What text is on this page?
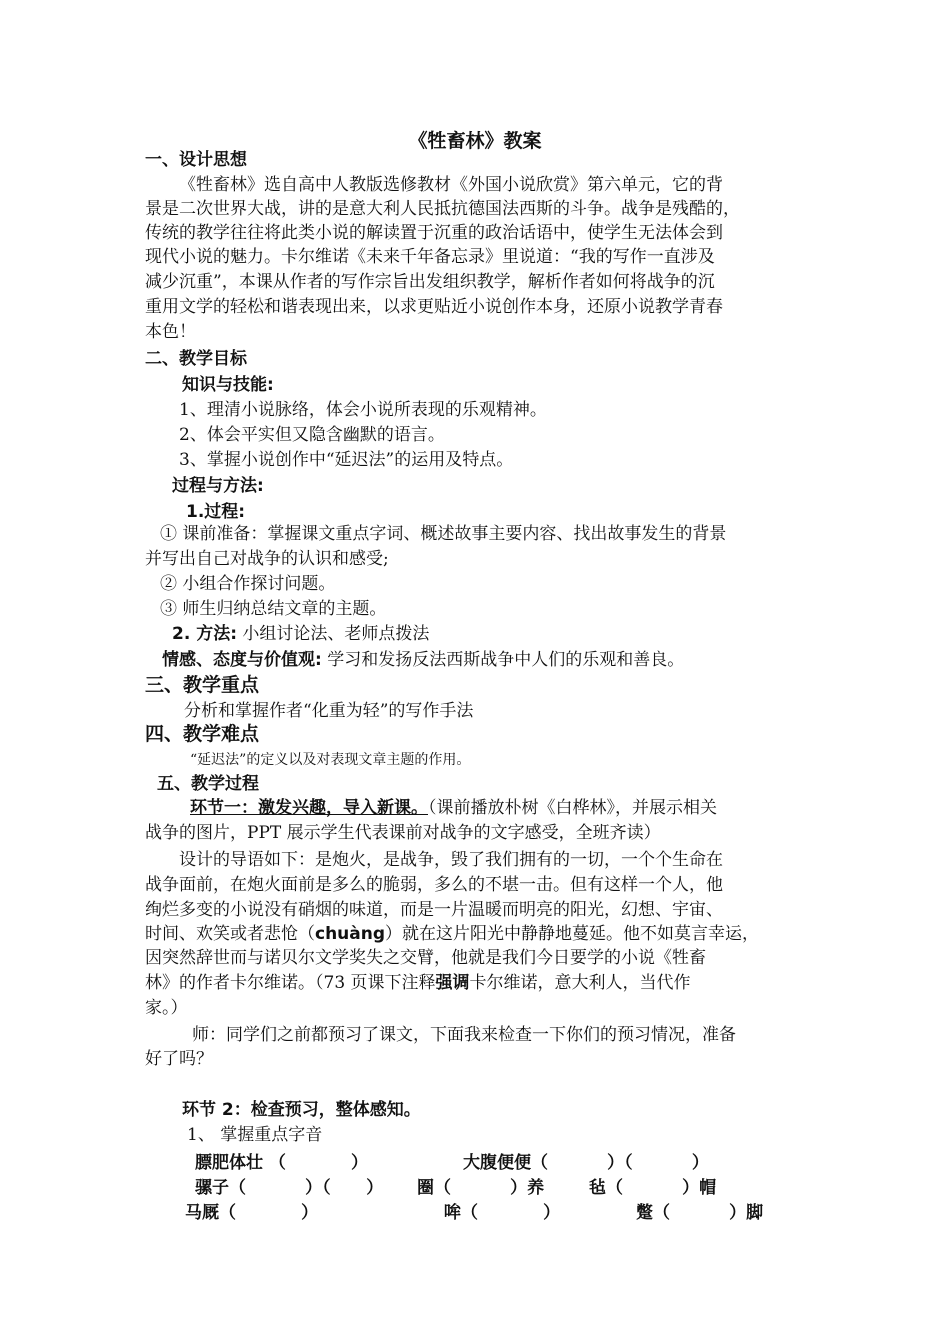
《牲畜林》教案
一、设计思想
《牲畜林》选自高中人教版选修教材《外国小说欣赏》第六单元，它的背
景是二次世界大战，讲的是意大利人民抵抗德国法西斯的斗争。战争是残酷的，
传统的教学往往将此类小说的解读置于沉重的政治话语中，使学生无法体会到
现代小说的魅力。卡尔维诺《未来千年备忘录》里说道：“我的写作一直涉及
减少沉重”，本课从作者的写作宗旨出发组织教学，解析作者如何将战争的沉
重用文学的轻松和谐表现出来，以求更贴近小说创作本身，还原小说教学青春
本色！
二、教学目标
知识与技能:
1、理清小说脉络，体会小说所表现的乐观精神。
2、体会平实但又隐含幽默的语言。
3、掌握小说创作中“延迟法”的运用及特点。
过程与方法:
1.过程:
① 课前准备：掌握课文重点字词、概述故事主要内容、找出故事发生的背景
并写出自己对战争的认识和感受;
② 小组合作探讨问题。
③ 师生归纳总结文章的主题。
2. 方法: 小组讨论法、老师点拨法
情感、态度与价值观: 学习和发扬反法西斯战争中人们的乐观和善良。
三、教学重点
分析和掌握作者“化重为轻”的写作手法
四、教学难点
“延迟法”的定义以及对表现文章主题的作用。
五、教学过程
环节一：激发兴趣，导入新课。（课前播放朴树《白桦林》，并展示相关
战争的图片，PPT 展示学生代表课前对战争的文字感受，全班齐读）
设计的导语如下：是炮火，是战争，毁了我们拥有的一切，一个个生命在
战争面前，在炮火面前是多么的脆弱，多么的不堪一击。但有这样一个人，他
绚烂多变的小说没有硝烟的味道，而是一片温暖而明亮的阳光，幻想、宇宙、
时间、欢笑或者悲怆（chuàng）就在这片阳光中静静地蔓延。他不如莫言幸运，
因突然辞世而与诺贝尔文学奖失之交臂，他就是我们今日要学的小说《牲畜
林》的作者卡尔维诺。（73 页课下注释强调卡尔维诺，意大利人，当代作
家。）
师：同学们之前都预习了课文，下面我来检查一下你们的预习情况，准备
好了吗？
环节 2：检查预习，整体感知。
1、 掌握重点字音
膘肥体壮 （           ）	大腹便便（          ）（          ）
骡子（          ）（      ） 圈（          ）养	毡（          ）帽
马厩（           ）	哞（           ）	蹩（          ）脚
